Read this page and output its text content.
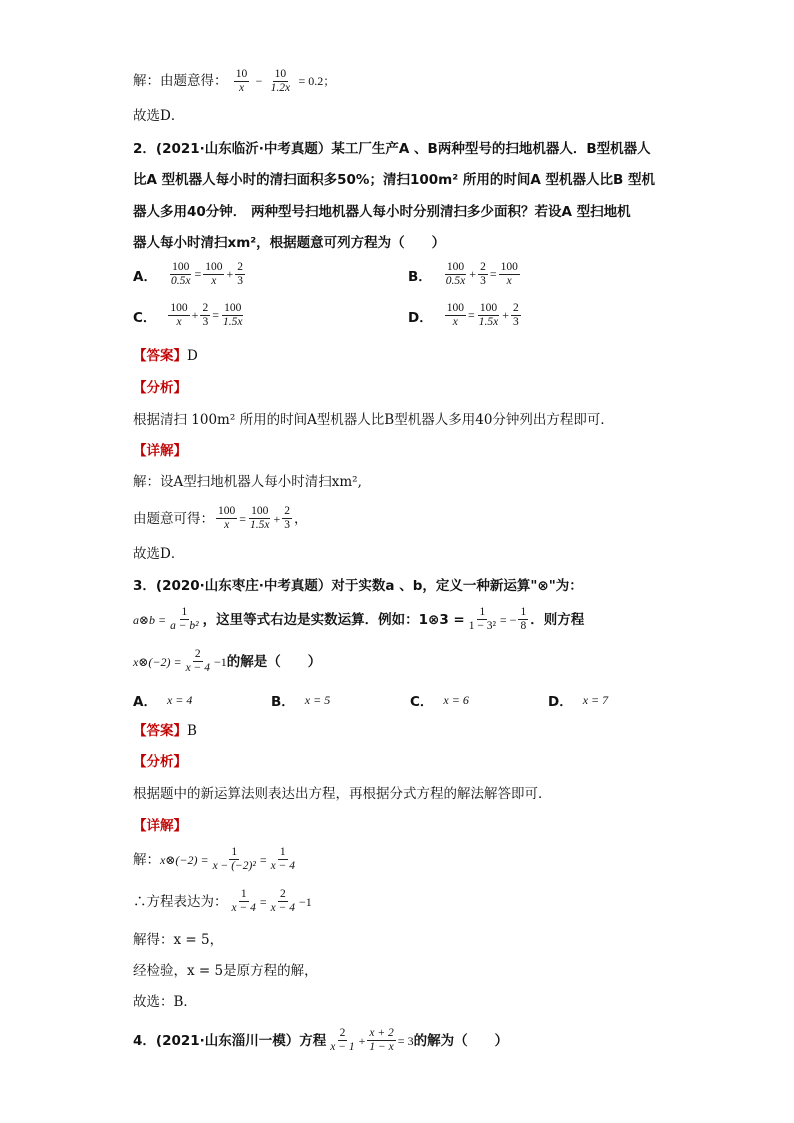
解：由题意得： $\frac{10}{x} - \frac{10}{1.2x} = 0.2$；
故选D．
2．(2021·山东临沂·中考真题）某工厂生产A 、B两种型号的扫地机器人．B型机器人
比A 型机器人每小时的清扫面积多50%；清扫100m² 所用的时间A 型机器人比B 型机
器人多用40分钟． 两种型号扫地机器人每小时分别清扫多少面积？若设A 型扫地机
器人每小时清扫xm²，根据题意可列方程为（　　）
A． $\frac{100}{0.5x} = \frac{100}{x} + \frac{2}{3}$	B． $\frac{100}{0.5x} + \frac{2}{3} = \frac{100}{x}$
C． $\frac{100}{x} + \frac{2}{3} = \frac{100}{1.5x}$	D． $\frac{100}{x} = \frac{100}{1.5x} + \frac{2}{3}$
【答案】D
【分析】
根据清扫 100m² 所用的时间A型机器人比B型机器人多用40分钟列出方程即可．
【详解】
解：设A型扫地机器人每小时清扫xm²,
由题意可得： $\frac{100}{x} = \frac{100}{1.5x} + \frac{2}{3}$ ，
故选D．
3．(2020·山东枣庄·中考真题）对于实数a 、b，定义一种新运算"⊗"为：
a⊗b = $\frac{1}{\text{a − b²}}$ ，这里等式右边是实数运算．例如：1⊗3 = $\frac{1}{\text{1 − 3²}}$ = − $\frac{1}{8}$ ．则方程
x⊗(−2) = $\frac{2}{x - 4} -1$ 的解是（　　）
A． x = 4	B． x = 5	C． x = 6	D． x = 7
【答案】B
【分析】
根据题中的新运算法则表达出方程，再根据分式方程的解法解答即可．
【详解】
解： x⊗(−2) = $\frac{1}{\text{x − (−2)²}} = \frac{1}{x - 4}$
∴方程表达为： $\frac{1}{x - 4} = \frac{2}{x - 4} -1$
解得：x = 5，
经检验，x = 5是原方程的解，
故选：B．
4．(2021·山东淄川一模）方程 $\frac{2}{x - 1} + \frac{x + 2}{1 - x} = 3$ 的解为（　　）
